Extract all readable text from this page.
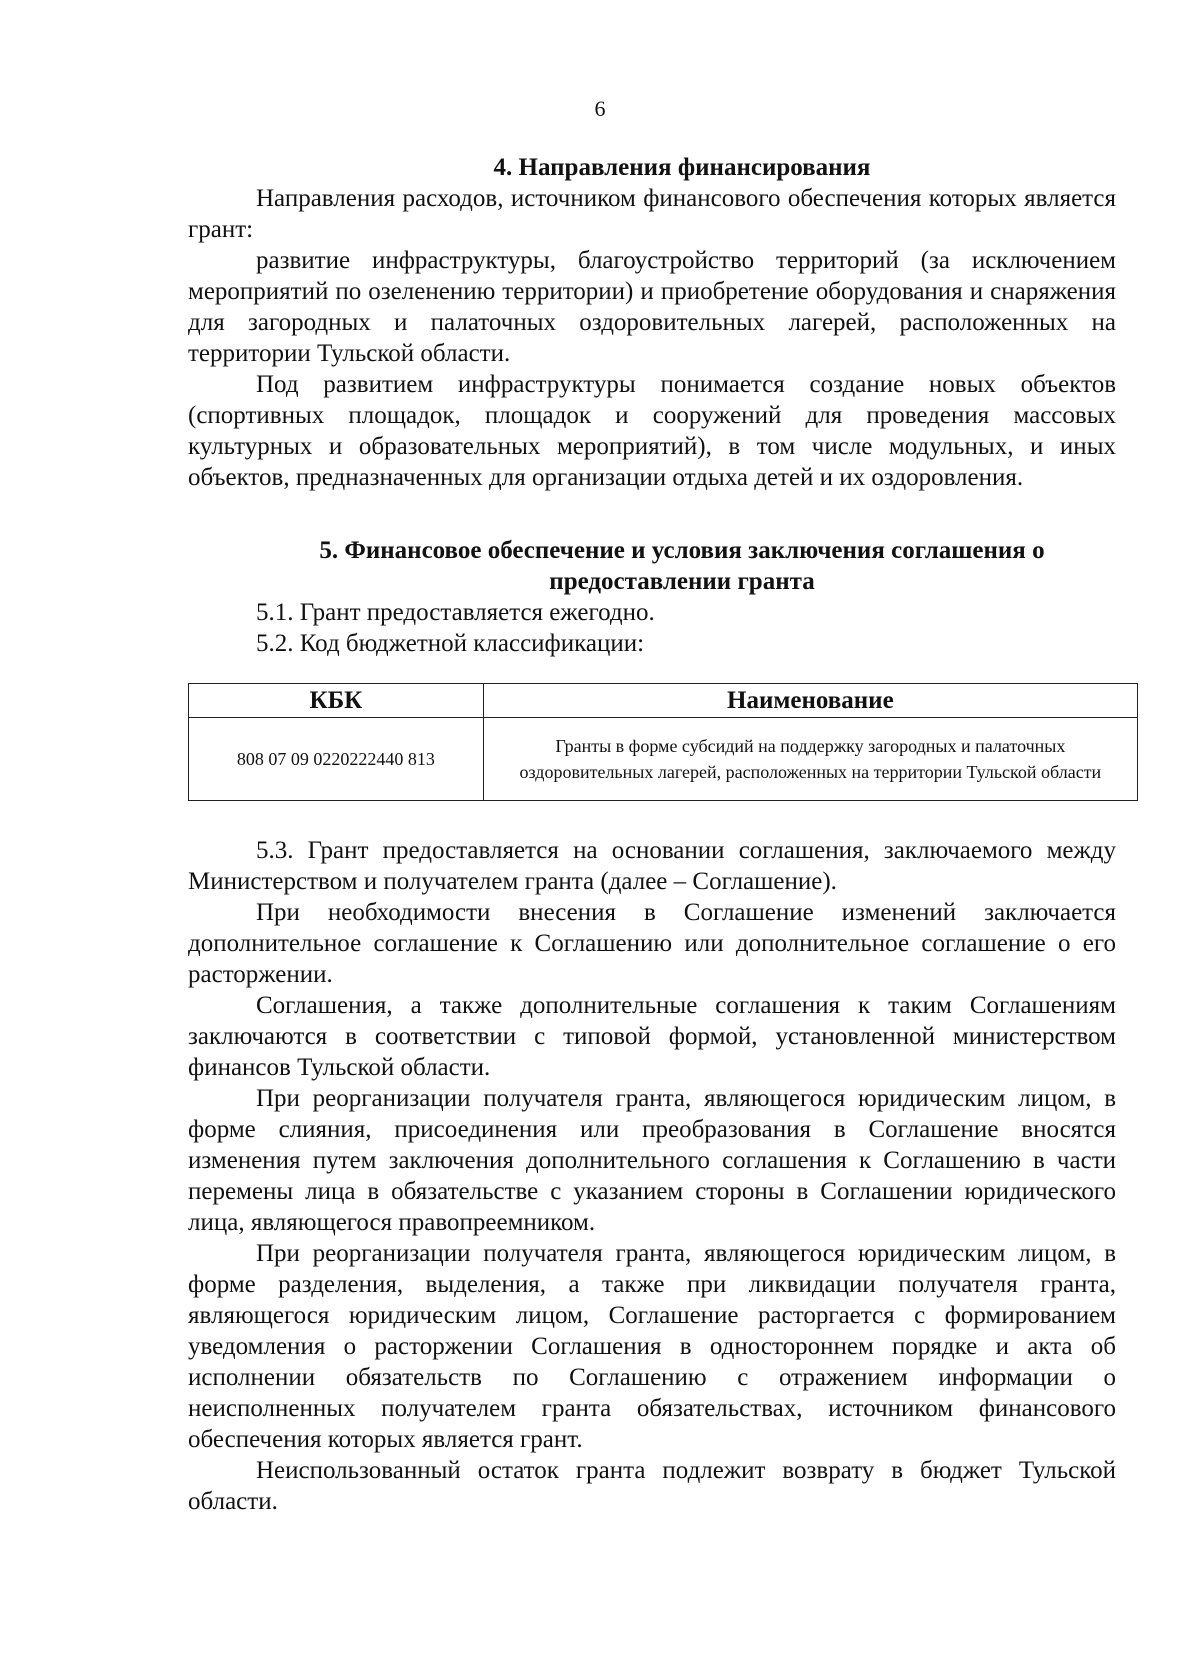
6
4. Направления финансирования

Направления расходов, источником финансового обеспечения которых является грант:

развитие инфраструктуры, благоустройство территорий (за исключением мероприятий по озеленению территории) и приобретение оборудования и снаряжения для загородных и палаточных оздоровительных лагерей, расположенных на территории Тульской области.

Под развитием инфраструктуры понимается создание новых объектов (спортивных площадок, площадок и сооружений для проведения массовых культурных и образовательных мероприятий), в том числе модульных, и иных объектов, предназначенных для организации отдыха детей и их оздоровления.

5. Финансовое обеспечение и условия заключения соглашения о
предоставлении гранта

5.1. Грант предоставляется ежегодно.

5.2. Код бюджетной классификации:

КБК	Наименование
808 07 09 0220222440 813	Гранты в форме субсидий на поддержку загородных и палаточных оздоровительных лагерей, расположенных на территории Тульской области

5.3. Грант предоставляется на основании соглашения, заключаемого между Министерством и получателем гранта (далее – Соглашение).

При необходимости внесения в Соглашение изменений заключается дополнительное соглашение к Соглашению или дополнительное соглашение о его расторжении.

Соглашения, а также дополнительные соглашения к таким Соглашениям заключаются в соответствии с типовой формой, установленной министерством финансов Тульской области.

При реорганизации получателя гранта, являющегося юридическим лицом, в форме слияния, присоединения или преобразования в Соглашение вносятся изменения путем заключения дополнительного соглашения к Соглашению в части перемены лица в обязательстве с указанием стороны в Соглашении юридического лица, являющегося правопреемником.

При реорганизации получателя гранта, являющегося юридическим лицом, в форме разделения, выделения, а также при ликвидации получателя гранта, являющегося юридическим лицом, Соглашение расторгается с формированием уведомления о расторжении Соглашения в одностороннем порядке и акта об исполнении обязательств по Соглашению с отражением информации о неисполненных получателем гранта обязательствах, источником финансового обеспечения которых является грант.

Неиспользованный остаток гранта подлежит возврату в бюджет Тульской области.
